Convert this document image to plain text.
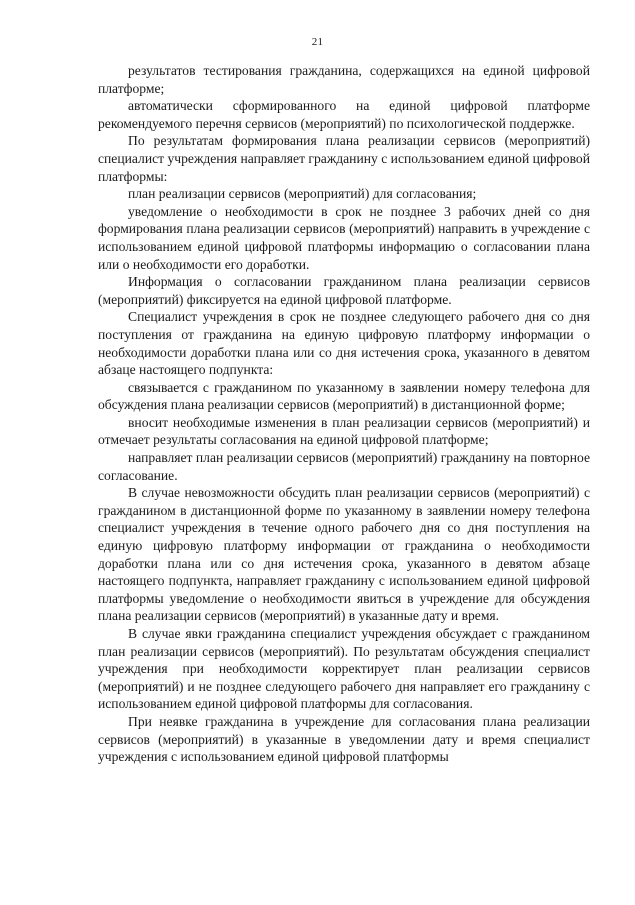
21

результатов тестирования гражданина, содержащихся на единой цифровой платформе;

автоматически сформированного на единой цифровой платформе рекомендуемого перечня сервисов (мероприятий) по психологической поддержке.

По результатам формирования плана реализации сервисов (мероприятий) специалист учреждения направляет гражданину с использованием единой цифровой платформы:

план реализации сервисов (мероприятий) для согласования;

уведомление о необходимости в срок не позднее 3 рабочих дней со дня формирования плана реализации сервисов (мероприятий) направить в учреждение с использованием единой цифровой платформы информацию о согласовании плана или о необходимости его доработки.

Информация о согласовании гражданином плана реализации сервисов (мероприятий) фиксируется на единой цифровой платформе.

Специалист учреждения в срок не позднее следующего рабочего дня со дня поступления от гражданина на единую цифровую платформу информации о необходимости доработки плана или со дня истечения срока, указанного в девятом абзаце настоящего подпункта:

связывается с гражданином по указанному в заявлении номеру телефона для обсуждения плана реализации сервисов (мероприятий) в дистанционной форме;

вносит необходимые изменения в план реализации сервисов (мероприятий) и отмечает результаты согласования на единой цифровой платформе;

направляет план реализации сервисов (мероприятий) гражданину на повторное согласование.

В случае невозможности обсудить план реализации сервисов (мероприятий) с гражданином в дистанционной форме по указанному в заявлении номеру телефона специалист учреждения в течение одного рабочего дня со дня поступления на единую цифровую платформу информации от гражданина о необходимости доработки плана или со дня истечения срока, указанного в девятом абзаце настоящего подпункта, направляет гражданину с использованием единой цифровой платформы уведомление о необходимости явиться в учреждение для обсуждения плана реализации сервисов (мероприятий) в указанные дату и время.

В случае явки гражданина специалист учреждения обсуждает с гражданином план реализации сервисов (мероприятий). По результатам обсуждения специалист учреждения при необходимости корректирует план реализации сервисов (мероприятий) и не позднее следующего рабочего дня направляет его гражданину с использованием единой цифровой платформы для согласования.

При неявке гражданина в учреждение для согласования плана реализации сервисов (мероприятий) в указанные в уведомлении дату и время специалист учреждения с использованием единой цифровой платформы
